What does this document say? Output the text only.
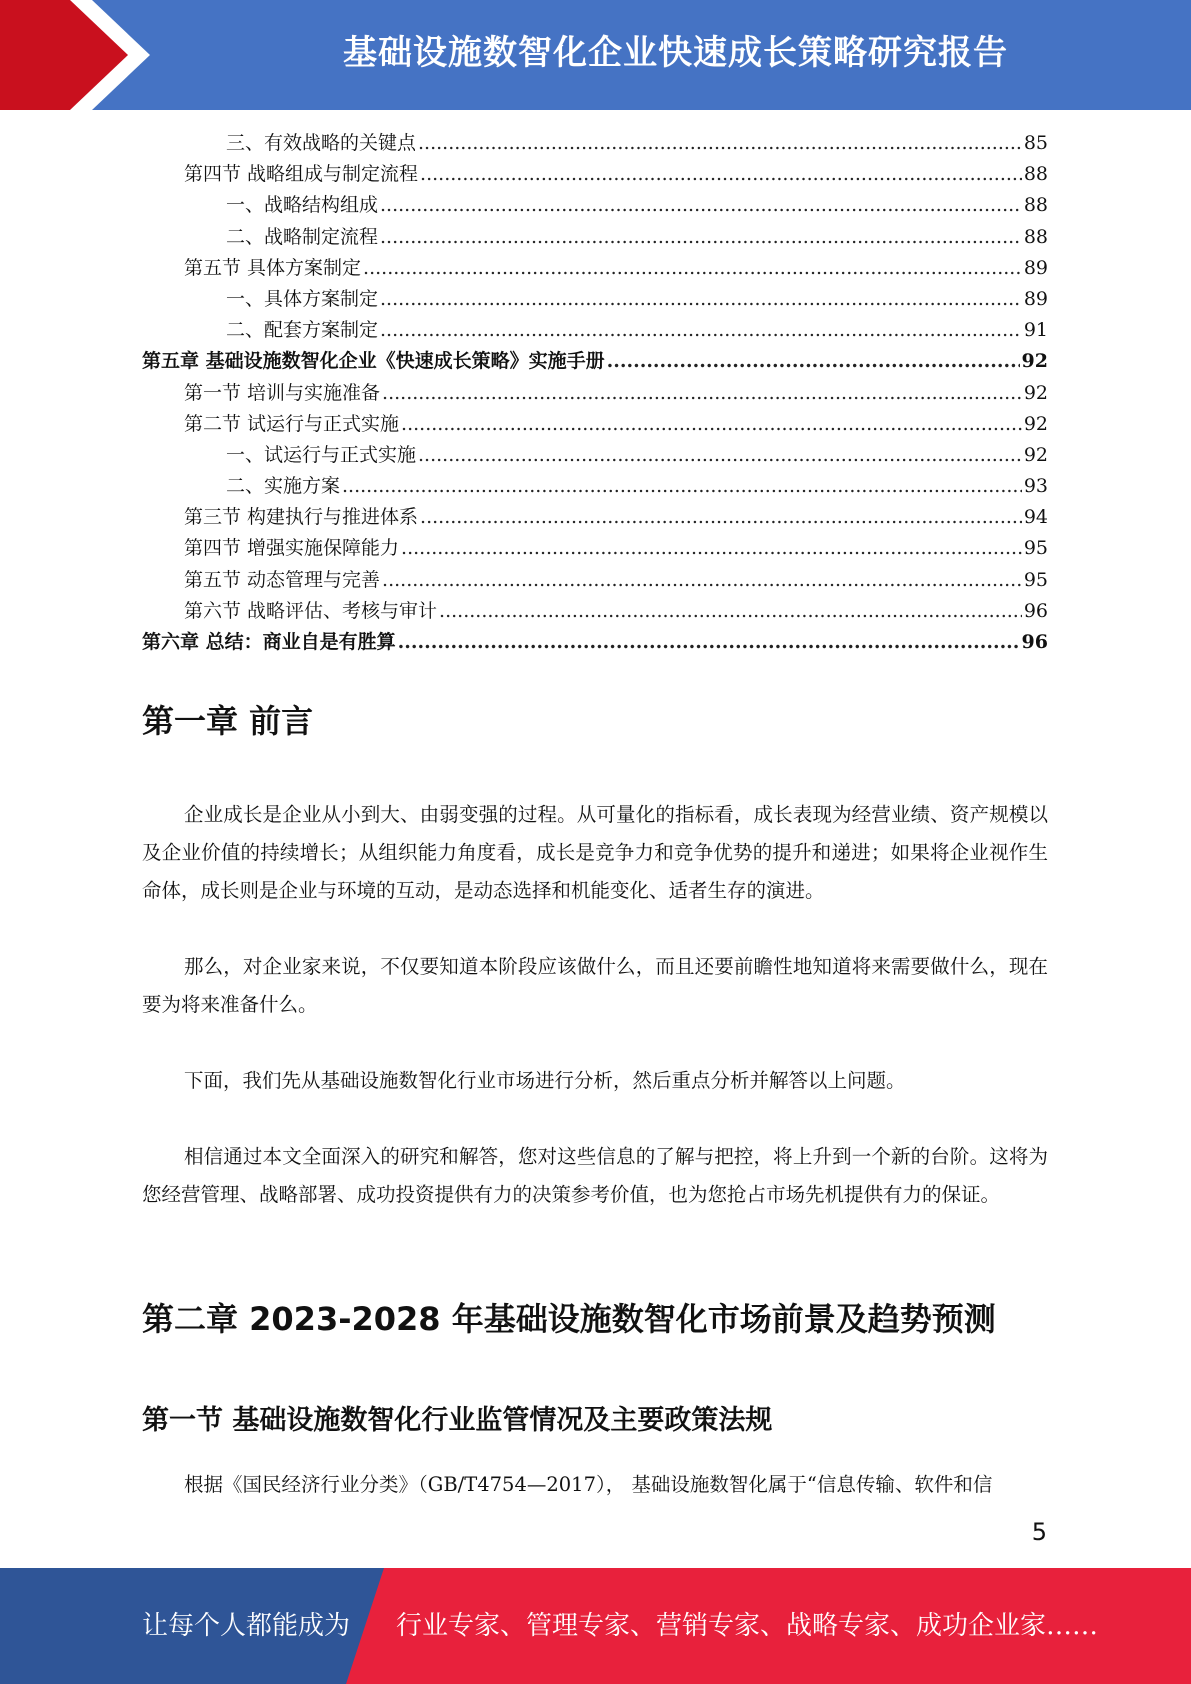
基础设施数智化企业快速成长策略研究报告
三、有效战略的关键点 .....	85
第四节 战略组成与制定流程 .....	88
一、战略结构组成 .....	88
二、战略制定流程 .....	88
第五节 具体方案制定 .....	89
一、具体方案制定 .....	89
二、配套方案制定 .....	91
第五章 基础设施数智化企业《快速成长策略》实施手册 .....	92
第一节 培训与实施准备 .....	92
第二节 试运行与正式实施 .....	92
一、试运行与正式实施 .....	92
二、实施方案 .....	93
第三节 构建执行与推进体系 .....	94
第四节 增强实施保障能力 .....	95
第五节 动态管理与完善 .....	95
第六节 战略评估、考核与审计 .....	96
第六章 总结：商业自是有胜算 .....	96
第一章 前言

企业成长是企业从小到大、由弱变强的过程。从可量化的指标看，成长表现为经营业绩、资产规模以及企业价值的持续增长；从组织能力角度看，成长是竞争力和竞争优势的提升和递进；如果将企业视作生命体，成长则是企业与环境的互动，是动态选择和机能变化、适者生存的演进。

那么，对企业家来说，不仅要知道本阶段应该做什么，而且还要前瞻性地知道将来需要做什么，现在要为将来准备什么。

下面，我们先从基础设施数智化行业市场进行分析，然后重点分析并解答以上问题。

相信通过本文全面深入的研究和解答，您对这些信息的了解与把控，将上升到一个新的台阶。这将为您经营管理、战略部署、成功投资提供有力的决策参考价值，也为您抢占市场先机提供有力的保证。

第二章 2023-2028 年基础设施数智化市场前景及趋势预测
第一节 基础设施数智化行业监管情况及主要政策法规

根据《国民经济行业分类》（GB/T4754—2017）， 基础设施数智化属于“信息传输、软件和信

5
让每个人都能成为 行业专家、管理专家、营销专家、战略专家、成功企业家……
